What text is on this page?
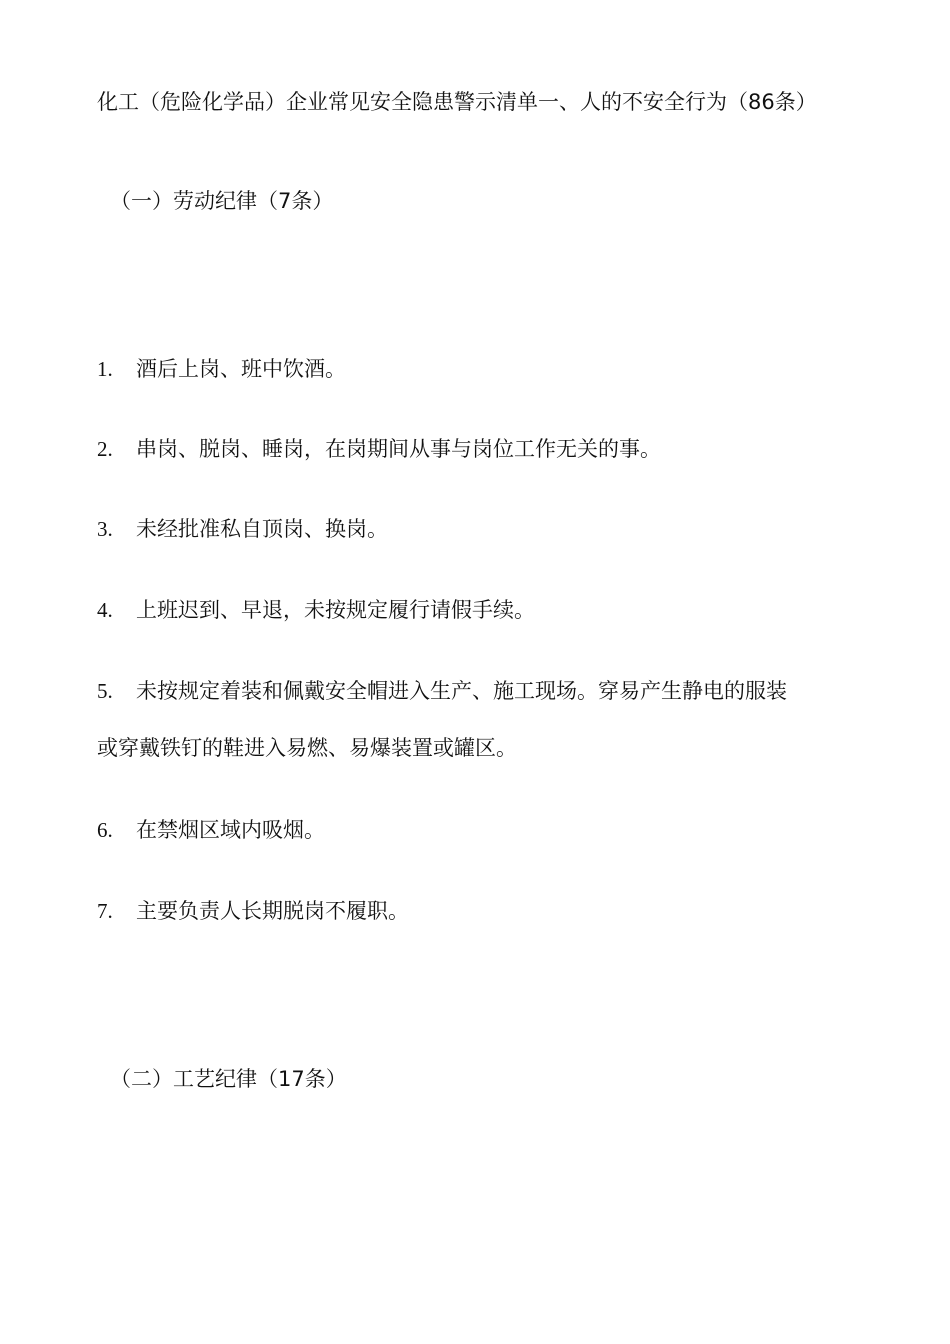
化工（危险化学品）企业常见安全隐患警示清单一、人的不安全行为（86条）
（一）劳动纪律（7条）
1. 酒后上岗、班中饮酒。
2. 串岗、脱岗、睡岗，在岗期间从事与岗位工作无关的事。
3. 未经批准私自顶岗、换岗。
4. 上班迟到、早退，未按规定履行请假手续。
5. 未按规定着装和佩戴安全帽进入生产、施工现场。穿易产生静电的服装
或穿戴铁钉的鞋进入易燃、易爆装置或罐区。
6. 在禁烟区域内吸烟。
7. 主要负责人长期脱岗不履职。
（二）工艺纪律（17条）
